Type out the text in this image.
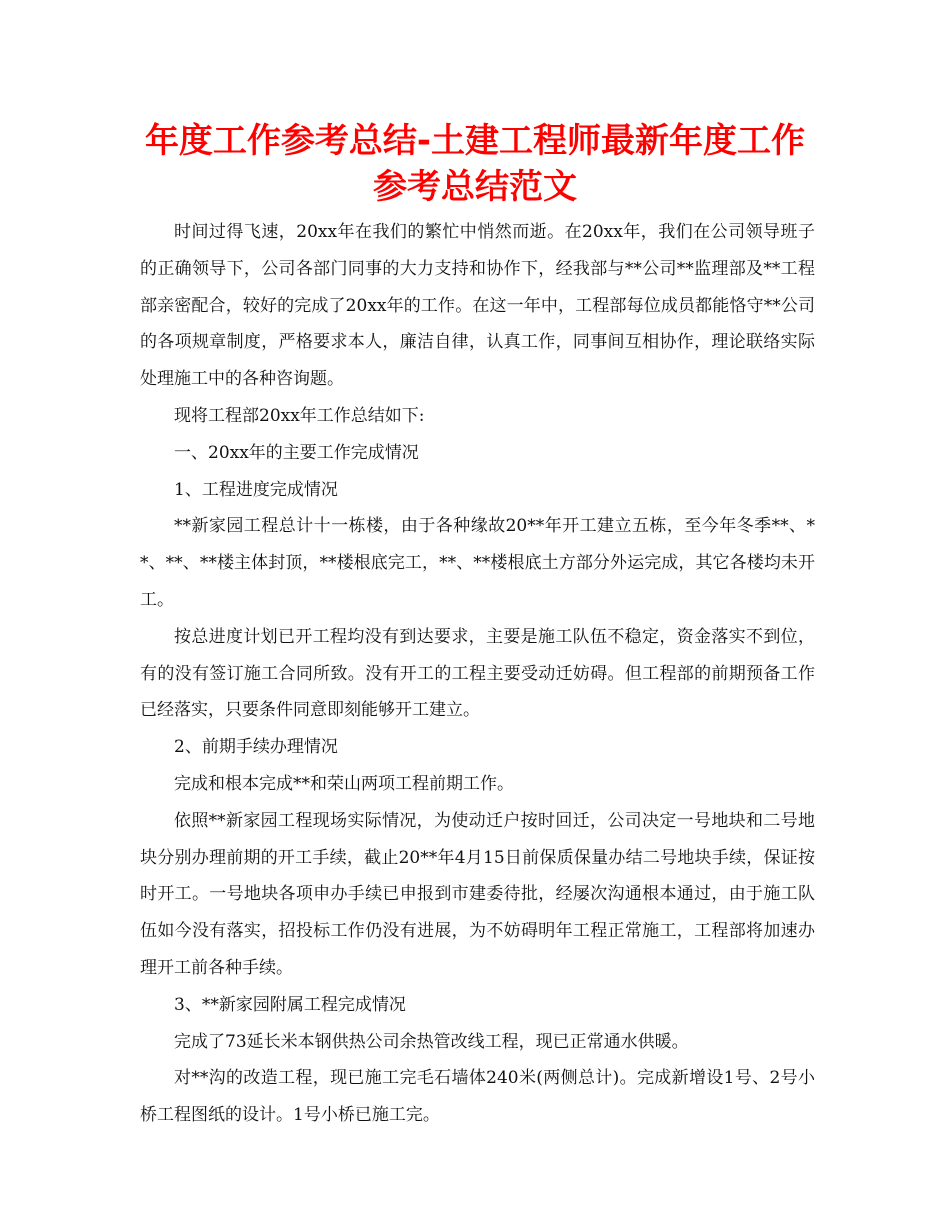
年度工作参考总结-土建工程师最新年度工作参考总结范文

时间过得飞速，20xx年在我们的繁忙中悄然而逝。在20xx年，我们在公司领导班子的正确领导下，公司各部门同事的大力支持和协作下，经我部与**公司**监理部及**工程部亲密配合，较好的完成了20xx年的工作。在这一年中，工程部每位成员都能恪守**公司的各项规章制度，严格要求本人，廉洁自律，认真工作，同事间互相协作，理论联络实际处理施工中的各种咨询题。

现将工程部20xx年工作总结如下:

一、20xx年的主要工作完成情况

1、工程进度完成情况

**新家园工程总计十一栋楼，由于各种缘故20**年开工建立五栋，至今年冬季**、**、**、**楼主体封顶，**楼根底完工，**、**楼根底土方部分外运完成，其它各楼均未开工。

按总进度计划已开工程均没有到达要求，主要是施工队伍不稳定，资金落实不到位，有的没有签订施工合同所致。没有开工的工程主要受动迁妨碍。但工程部的前期预备工作已经落实，只要条件同意即刻能够开工建立。

2、前期手续办理情况

完成和根本完成**和荣山两项工程前期工作。

依照**新家园工程现场实际情况，为使动迁户按时回迁，公司决定一号地块和二号地块分别办理前期的开工手续，截止20**年4月15日前保质保量办结二号地块手续，保证按时开工。一号地块各项申办手续已申报到市建委待批，经屡次沟通根本通过，由于施工队伍如今没有落实，招投标工作仍没有进展，为不妨碍明年工程正常施工，工程部将加速办理开工前各种手续。

3、**新家园附属工程完成情况

完成了73延长米本钢供热公司余热管改线工程，现已正常通水供暖。

对**沟的改造工程，现已施工完毛石墙体240米(两侧总计)。完成新增设1号、2号小桥工程图纸的设计。1号小桥已施工完。
